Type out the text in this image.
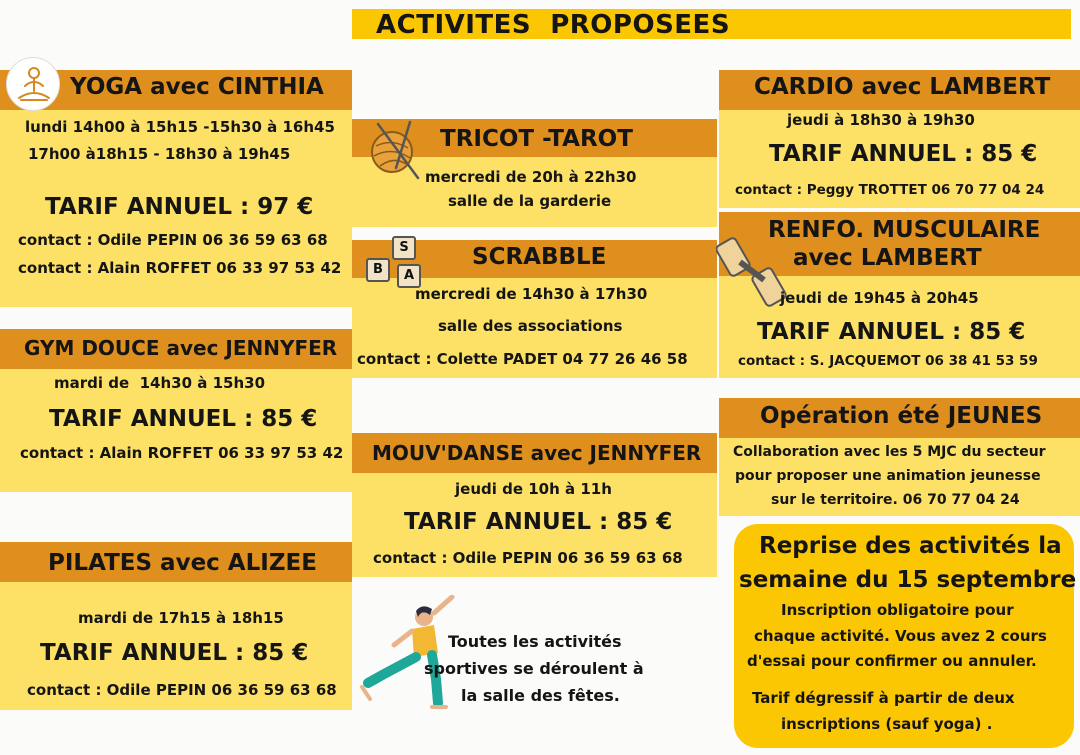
ACTIVITES  PROPOSEES
YOGA avec CINTHIA
lundi 14h00 à 15h15 -15h30 à 16h45
17h00 à18h15 - 18h30 à 19h45
TARIF ANNUEL : 97 €
contact : Odile PEPIN 06 36 59 63 68
contact : Alain ROFFET 06 33 97 53 42
GYM DOUCE avec JENNYFER
mardi de  14h30 à 15h30
TARIF ANNUEL : 85 €
contact : Alain ROFFET 06 33 97 53 42
PILATES avec ALIZEE
mardi de 17h15 à 18h15
TARIF ANNUEL : 85 €
contact : Odile PEPIN 06 36 59 63 68
TRICOT -TAROT
mercredi de 20h à 22h30
salle de la garderie
S
B	A
SCRABBLE
mercredi de 14h30 à 17h30
salle des associations
contact : Colette PADET 04 77 26 46 58
MOUV'DANSE avec JENNYFER
jeudi de 10h à 11h
TARIF ANNUEL : 85 €
contact : Odile PEPIN 06 36 59 63 68
Toutes les activités
sportives se déroulent à
la salle des fêtes.
CARDIO avec LAMBERT
jeudi à 18h30 à 19h30
TARIF ANNUEL : 85 €
contact : Peggy TROTTET 06 70 77 04 24
RENFO. MUSCULAIRE
avec LAMBERT
jeudi de 19h45 à 20h45
TARIF ANNUEL : 85 €
contact : S. JACQUEMOT 06 38 41 53 59
Opération été JEUNES
Collaboration avec les 5 MJC du secteur
pour proposer une animation jeunesse
sur le territoire. 06 70 77 04 24
Reprise des activités la
semaine du 15 septembre
Inscription obligatoire pour
chaque activité. Vous avez 2 cours
d'essai pour confirmer ou annuler.
Tarif dégressif à partir de deux
inscriptions (sauf yoga) .
